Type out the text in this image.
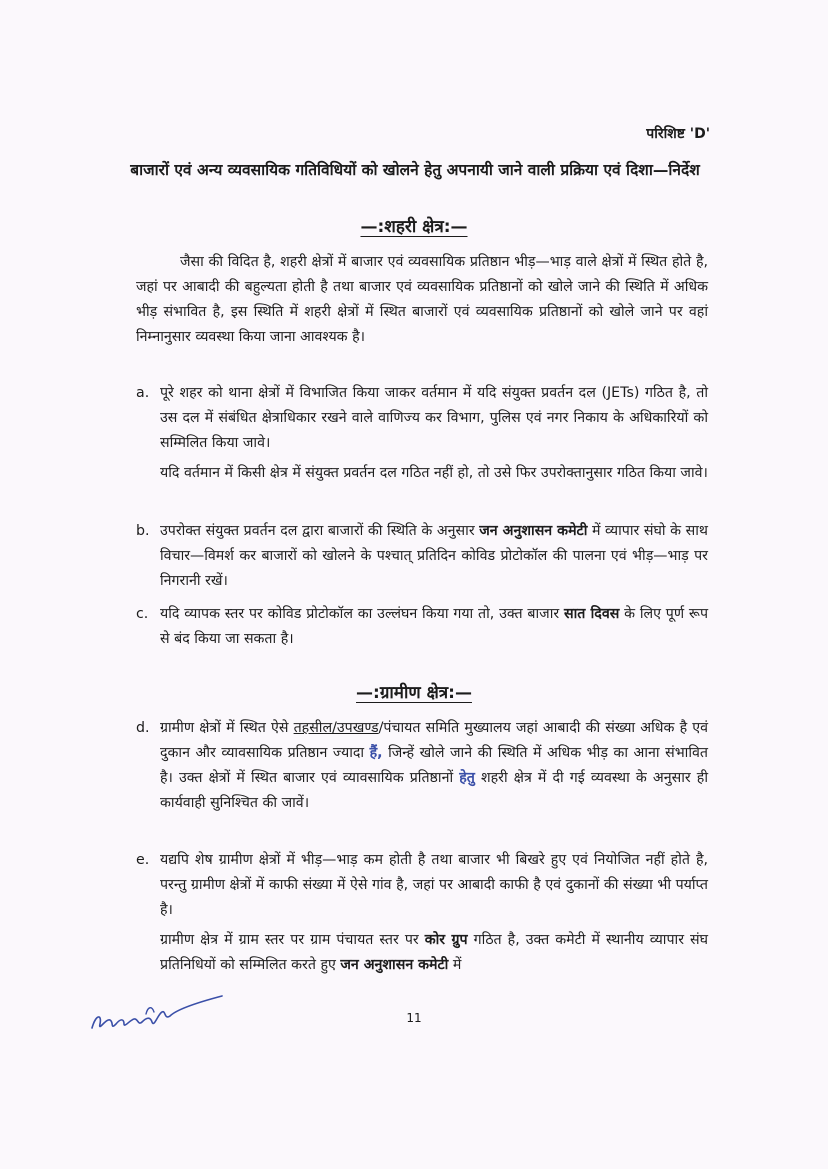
परिशिष्ट 'D'
बाजारों एवं अन्य व्यवसायिक गतिविधियों को खोलने हेतु अपनायी जाने वाली प्रक्रिया एवं दिशा—निर्देश
—:शहरी क्षेत्र:—

जैसा की विदित है, शहरी क्षेत्रों में बाजार एवं व्यवसायिक प्रतिष्ठान भीड़—भाड़ वाले क्षेत्रों में स्थित होते है, जहां पर आबादी की बहुल्यता होती है तथा बाजार एवं व्यवसायिक प्रतिष्ठानों को खोले जाने की स्थिति में अधिक भीड़ संभावित है, इस स्थिति में शहरी क्षेत्रों में स्थित बाजारों एवं व्यवसायिक प्रतिष्ठानों को खोले जाने पर वहां निम्नानुसार व्यवस्था किया जाना आवश्यक है।

a. पूरे शहर को थाना क्षेत्रों में विभाजित किया जाकर वर्तमान में यदि संयुक्त प्रवर्तन दल (JETs) गठित है, तो उस दल में संबंधित क्षेत्राधिकार रखने वाले वाणिज्य कर विभाग, पुलिस एवं नगर निकाय के अधिकारियों को सम्मिलित किया जावे।
यदि वर्तमान में किसी क्षेत्र में संयुक्त प्रवर्तन दल गठित नहीं हो, तो उसे फिर उपरोक्तानुसार गठित किया जावे।
b. उपरोक्त संयुक्त प्रवर्तन दल द्वारा बाजारों की स्थिति के अनुसार जन अनुशासन कमेटी में व्यापार संघो के साथ विचार—विमर्श कर बाजारों को खोलने के पश्चात् प्रतिदिन कोविड प्रोटोकॉल की पालना एवं भीड़—भाड़ पर निगरानी रखें।
c. यदि व्यापक स्तर पर कोविड प्रोटोकॉल का उल्लंघन किया गया तो, उक्त बाजार सात दिवस के लिए पूर्ण रूप से बंद किया जा सकता है।
—:ग्रामीण क्षेत्र:—
d. ग्रामीण क्षेत्रों में स्थित ऐसे तहसील/उपखण्ड/पंचायत समिति मुख्यालय जहां आबादी की संख्या अधिक है एवं दुकान और व्यावसायिक प्रतिष्ठान ज्यादा हैं, जिन्हें खोले जाने की स्थिति में अधिक भीड़ का आना संभावित है। उक्त क्षेत्रों में स्थित बाजार एवं व्यावसायिक प्रतिष्ठानों हेतु शहरी क्षेत्र में दी गई व्यवस्था के अनुसार ही कार्यवाही सुनिश्चित की जावें।
e. यद्यपि शेष ग्रामीण क्षेत्रों में भीड़—भाड़ कम होती है तथा बाजार भी बिखरे हुए एवं नियोजित नहीं होते है, परन्तु ग्रामीण क्षेत्रों में काफी संख्या में ऐसे गांव है, जहां पर आबादी काफी है एवं दुकानों की संख्या भी पर्याप्त है।
ग्रामीण क्षेत्र में ग्राम स्तर पर ग्राम पंचायत स्तर पर कोर ग्रुप गठित है, उक्त कमेटी में स्थानीय व्यापार संघ प्रतिनिधियों को सम्मिलित करते हुए जन अनुशासन कमेटी में
11
